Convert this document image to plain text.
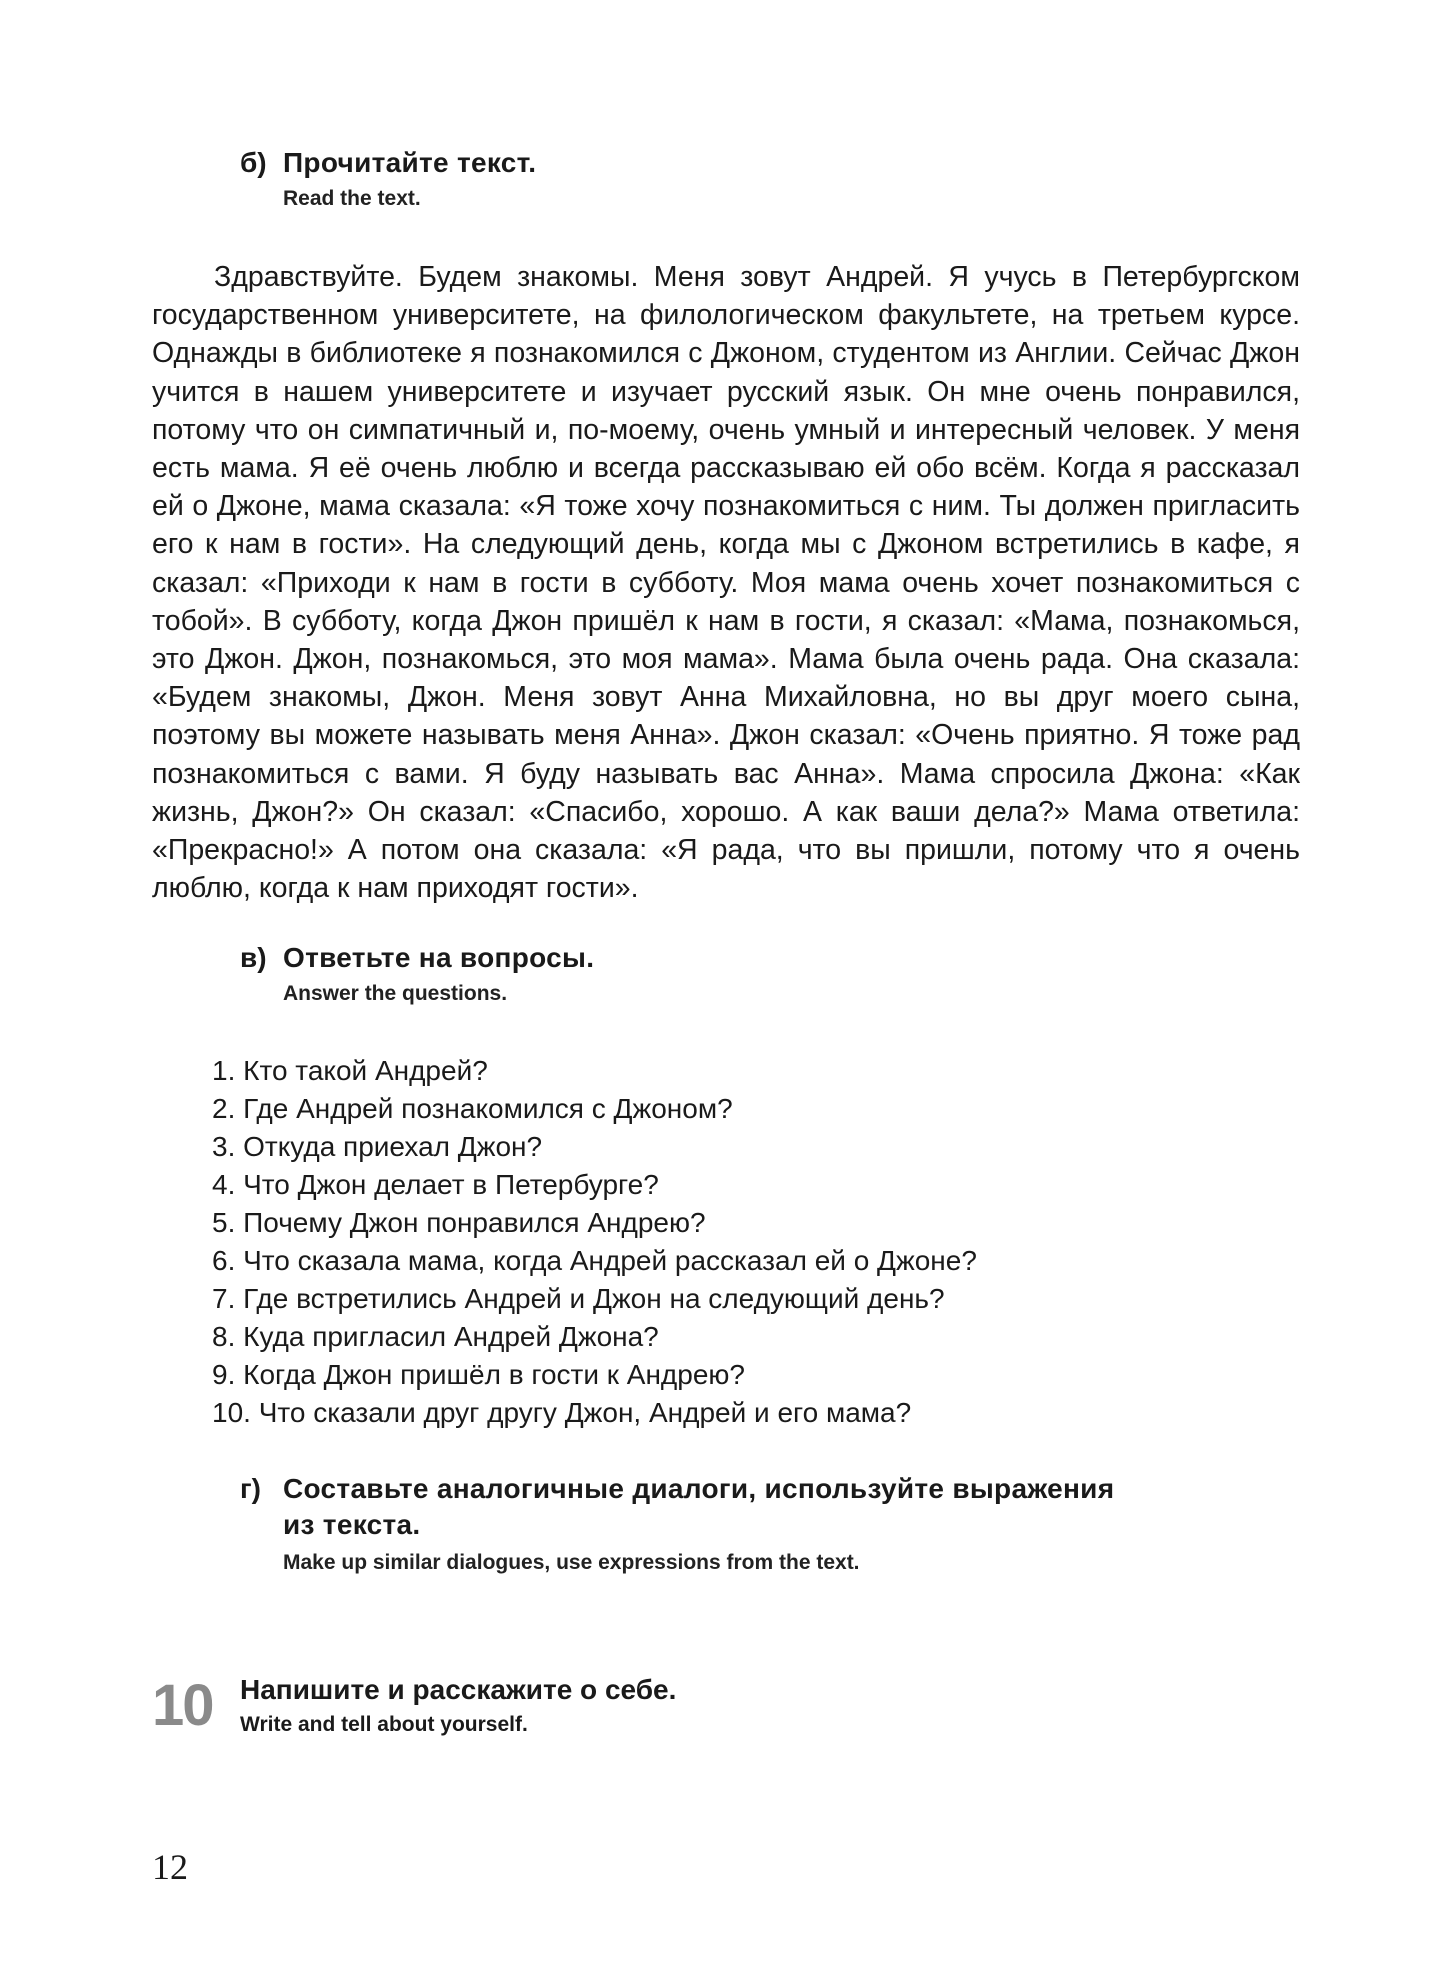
б) Прочитайте текст.
Read the text.

Здравствуйте. Будем знакомы. Меня зовут Андрей. Я учусь в Петербургском государственном университете, на филологическом факультете, на третьем курсе. Однажды в библиотеке я познакомился с Джоном, студентом из Англии. Сейчас Джон учится в нашем университете и изучает русский язык. Он мне очень понравился, потому что он симпатичный и, по-моему, очень умный и интересный человек. У меня есть мама. Я её очень люблю и всегда рассказываю ей обо всём. Когда я рассказал ей о Джоне, мама сказала: «Я тоже хочу познакомиться с ним. Ты должен пригласить его к нам в гости». На следующий день, когда мы с Джоном встретились в кафе, я сказал: «Приходи к нам в гости в субботу. Моя мама очень хочет познакомиться с тобой». В субботу, когда Джон пришёл к нам в гости, я сказал: «Мама, познакомься, это Джон. Джон, познакомься, это моя мама». Мама была очень рада. Она сказала: «Будем знакомы, Джон. Меня зовут Анна Михайловна, но вы друг моего сына, поэтому вы можете называть меня Анна». Джон сказал: «Очень приятно. Я тоже рад познакомиться с вами. Я буду называть вас Анна». Мама спросила Джона: «Как жизнь, Джон?» Он сказал: «Спасибо, хорошо. А как ваши дела?» Мама ответила: «Прекрасно!» А потом она сказала: «Я рада, что вы пришли, потому что я очень люблю, когда к нам приходят гости».

в) Ответьте на вопросы.
Answer the questions.
1. Кто такой Андрей?
2. Где Андрей познакомился с Джоном?
3. Откуда приехал Джон?
4. Что Джон делает в Петербурге?
5. Почему Джон понравился Андрею?
6. Что сказала мама, когда Андрей рассказал ей о Джоне?
7. Где встретились Андрей и Джон на следующий день?
8. Куда пригласил Андрей Джона?
9. Когда Джон пришёл в гости к Андрею?
10. Что сказали друг другу Джон, Андрей и его мама?
г) Составьте аналогичные диалоги, используйте выражения
из текста.
Make up similar dialogues, use expressions from the text.
10 Напишите и расскажите о себе.
Write and tell about yourself.
12
